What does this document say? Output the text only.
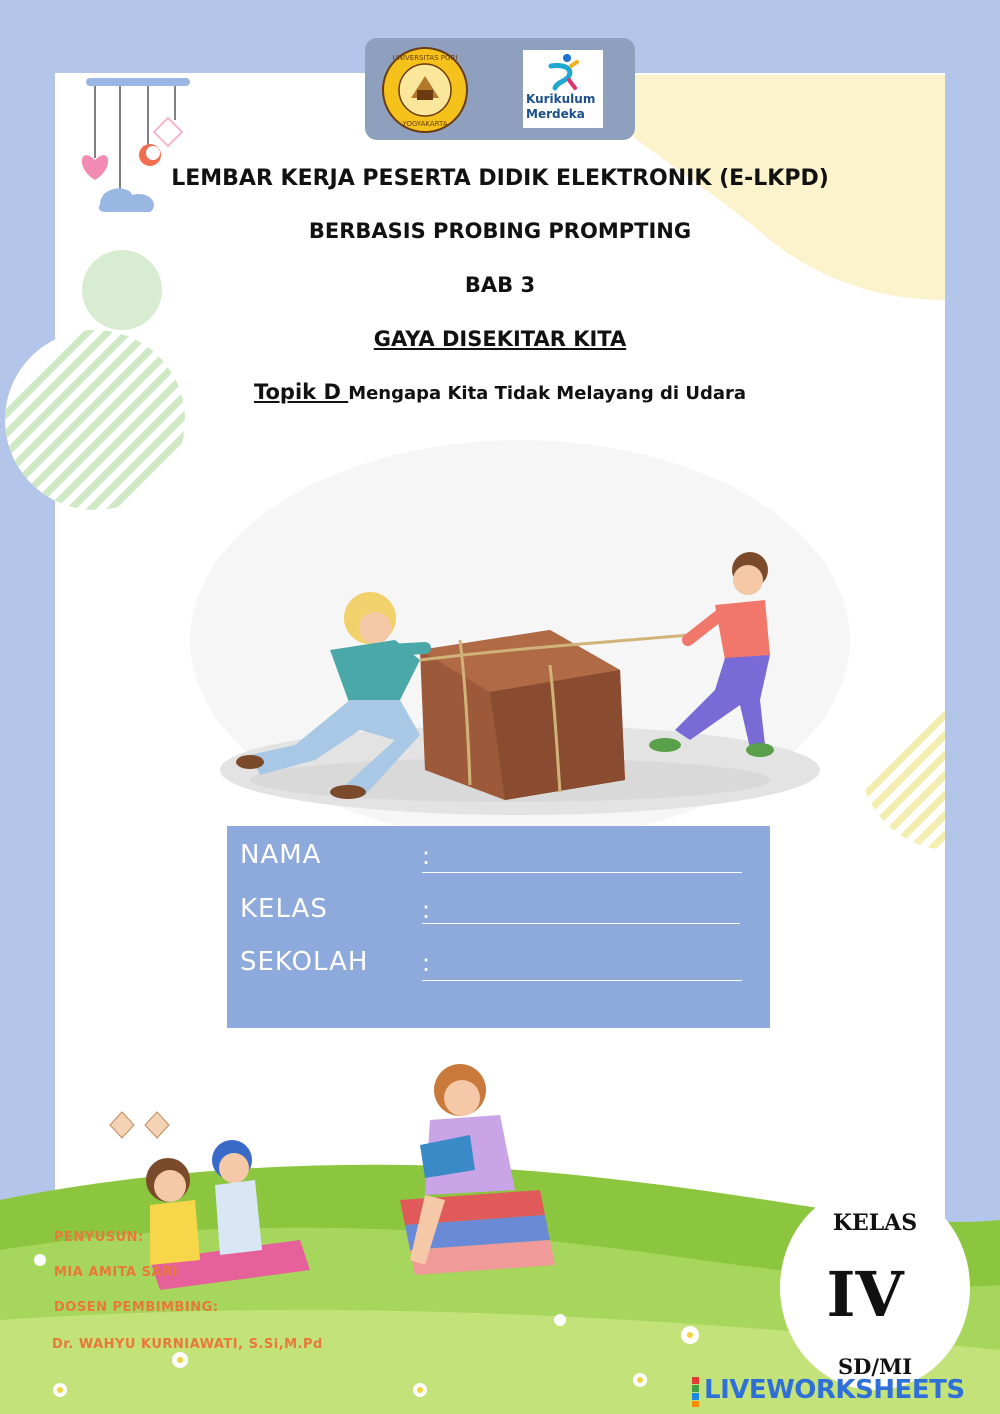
UNIVERSITAS PGRI
YOGYAKARTA
Kurikulum
Merdeka
LEMBAR KERJA PESERTA DIDIK ELEKTRONIK (E-LKPD)
BERBASIS PROBING PROMPTING
BAB 3
GAYA DISEKITAR KITA
Topik D Mengapa Kita Tidak Melayang di Udara
NAMA	:
KELAS	:
SEKOLAH :
PENYUSUN:
MIA AMITA SARI
DOSEN PEMBIMBING:
Dr. WAHYU KURNIAWATI, S.Si,M.Pd
KELAS
IV
SD/MI
LIVEWORKSHEETS
